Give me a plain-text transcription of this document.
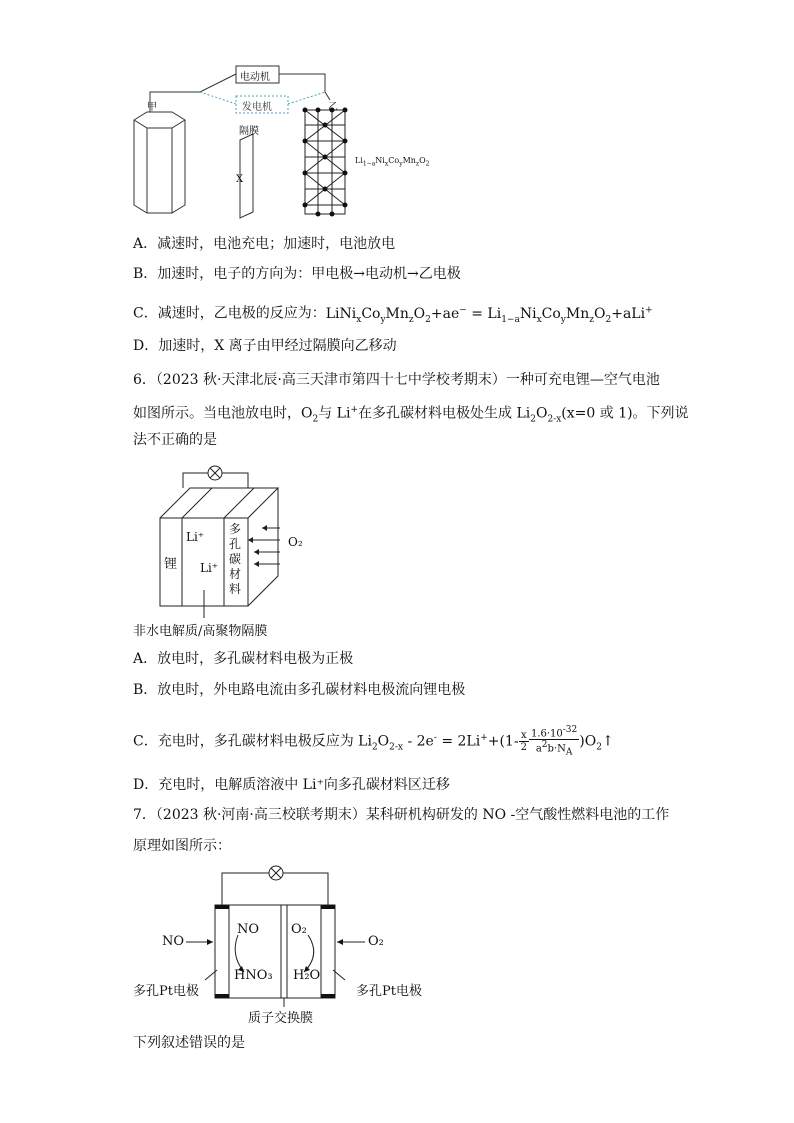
电动机
发电机
甲	乙
隔膜
X
$Li_{1-a}Ni_xCo_yMn_zO_2$
A．减速时，电池充电；加速时，电池放电
B．加速时，电子的方向为：甲电极→电动机→乙电极
C．减速时，乙电极的反应为：$LiNi_xCo_yMn_zO_2+ae^- = Li_{1-a}Ni_xCo_yMn_zO_2+aLi^+$
D．加速时，X 离子由甲经过隔膜向乙移动
6．（2023 秋·天津北辰·高三天津市第四十七中学校考期末）一种可充电锂—空气电池
如图所示。当电池放电时，$O_2$与 Li+在多孔碳材料电极处生成 $Li_2O_{2-x}(x=0$ 或 1)。下列说
法不正确的是
锂
Li⁺
Li⁺
多
孔
碳
材
料
O₂
非水电解质/高聚物隔膜
A．放电时，多孔碳材料电极为正极
B．放电时，外电路电流由多孔碳材料电极流向锂电极
C．充电时，多孔碳材料电极反应为 $Li_2O_{2-x} - 2e^- = 2Li^++(1- \frac{x}{2} \frac{1.6\cdot 10^{-32}}{a^2b\cdot N_A}$ )$O_2↑$
D．充电时，电解质溶液中 Li⁺向多孔碳材料区迁移
7．（2023 秋·河南·高三校联考期末）某科研机构研发的 NO -空气酸性燃料电池的工作
原理如图所示：
NO
NO
HNO₃
O₂
H₂O
O₂
多孔Pt电极	多孔Pt电极
质子交换膜
下列叙述错误的是
